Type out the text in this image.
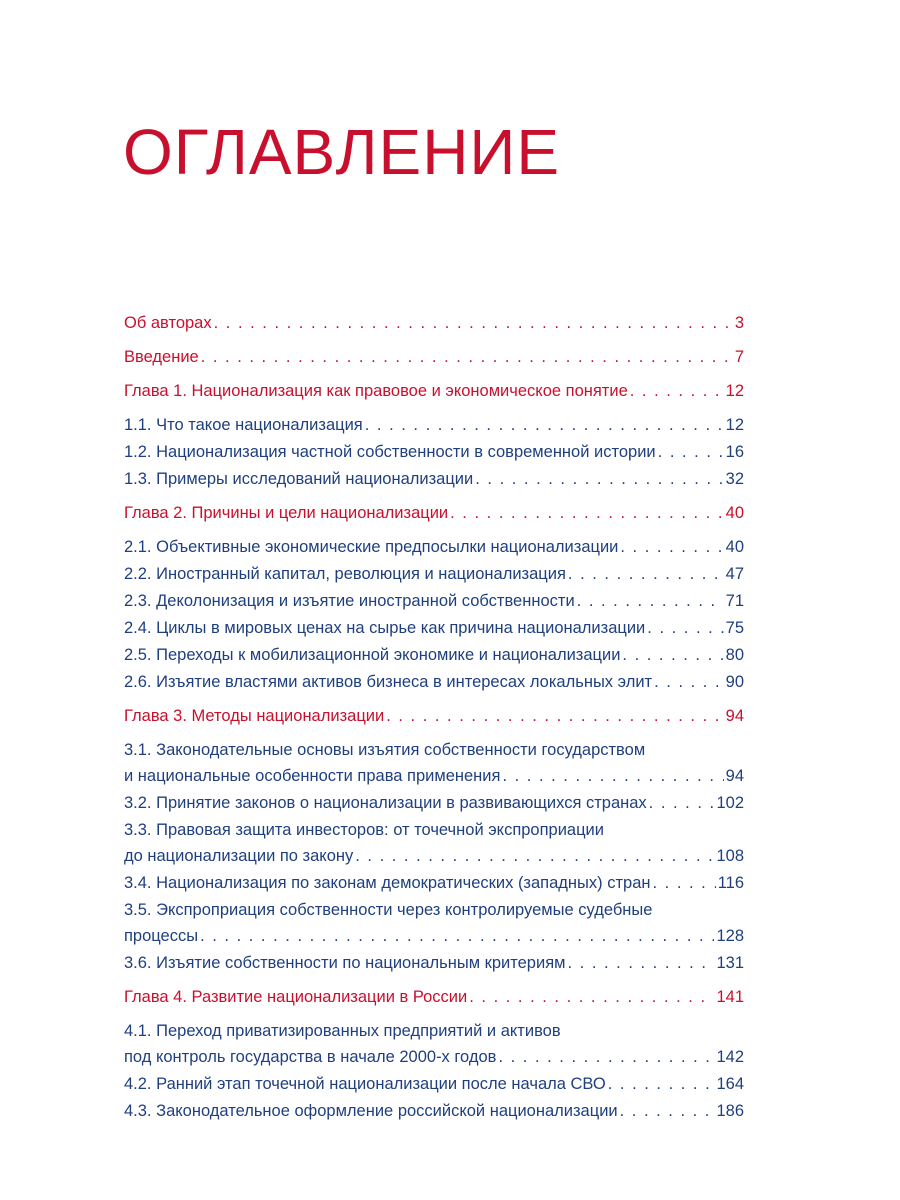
ОГЛАВЛЕНИЕ
Об авторах . . .	3
Введение . . .	7
Глава 1. Национализация как правовое и экономическое понятие . . .	12
1.1. Что такое национализация . . .	12
1.2. Национализация частной собственности в современной истории . . .	16
1.3. Примеры исследований национализации . . .	32
Глава 2. Причины и цели национализации . . .	40
2.1. Объективные экономические предпосылки национализации . . .	40
2.2. Иностранный капитал, революция и национализация . . .	47
2.3. Деколонизация и изъятие иностранной собственности . . .	71
2.4. Циклы в мировых ценах на сырье как причина национализации . . .	75
2.5. Переходы к мобилизационной экономике и национализации . . .	80
2.6. Изъятие властями активов бизнеса в интересах локальных элит . . .	90
Глава 3. Методы национализации . . .	94
3.1. Законодательные основы изъятия собственности государством
и национальные особенности права применения . . .	94
3.2. Принятие законов о национализации в развивающихся странах . . .	102
3.3. Правовая защита инвесторов: от точечной экспроприации
до национализации по закону . . .	108
3.4. Национализация по законам демократических (западных) стран . . .	116
3.5. Экспроприация собственности через контролируемые судебные
процессы . . .	128
3.6. Изъятие собственности по национальным критериям . . .	131
Глава 4. Развитие национализации в России . . .	141
4.1. Переход приватизированных предприятий и активов
под контроль государства в начале 2000-х годов . . .	142
4.2. Ранний этап точечной национализации после начала СВО . . .	164
4.3. Законодательное оформление российской национализации . . .	186
